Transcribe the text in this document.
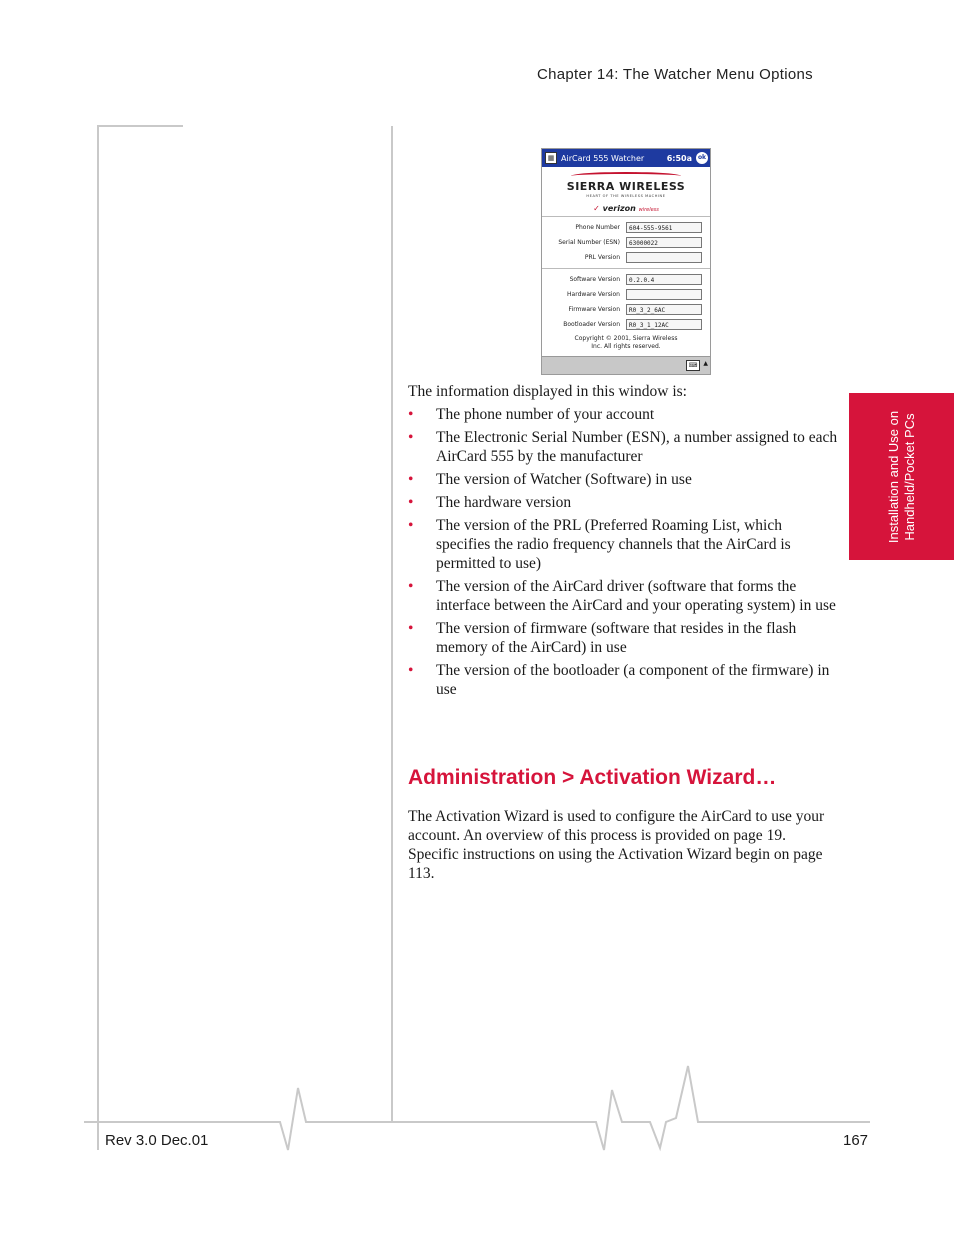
Chapter 14: The Watcher Menu Options
Installation and Use on Handheld/Pocket PCs
▦ AirCard 555 Watcher	6:50a ok
SIERRA WIRELESS
HEART OF THE WIRELESS MACHINE
✓ verizon wireless
Phone Number	604-555-9561
Serial Number (ESN)	63000022
PRL Version
Software Version	0.2.0.4
Hardware Version
Firmware Version	R0_3_2_6AC
Bootloader Version	R0_3_1_12AC
Copyright © 2001, Sierra Wireless
Inc. All rights reserved.
⌨	▲
The information displayed in this window is:
• The phone number of your account
• The Electronic Serial Number (ESN), a number assigned to each AirCard 555 by the manufacturer
• The version of Watcher (Software) in use
• The hardware version
• The version of the PRL (Preferred Roaming List, which specifies the radio frequency channels that the AirCard is permitted to use)
• The version of the AirCard driver (software that forms the interface between the AirCard and your operating system) in use
• The version of firmware (software that resides in the flash memory of the AirCard) in use
• The version of the bootloader (a component of the firmware) in use
Administration > Activation Wizard…
The Activation Wizard is used to configure the AirCard to use your account. An overview of this process is provided on page 19. Specific instructions on using the Activation Wizard begin on page 113.
Rev 3.0 Dec.01	167
